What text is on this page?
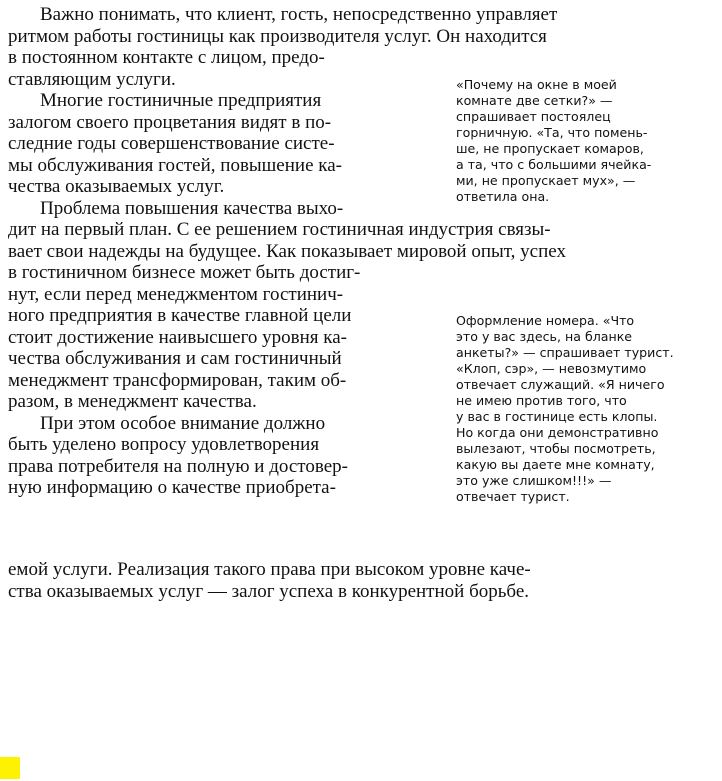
Важно понимать, что клиент, гость, непосредственно управляет
ритмом работы гостиницы как производителя услуг. Он находится
в постоянном контакте с лицом, предо-
ставляющим услуги.
Многие гостиничные предприятия
залогом своего процветания видят в по-
следние годы совершенствование систе-
мы обслуживания гостей, повышение ка-
чества оказываемых услуг.
Проблема повышения качества выхо-
дит на первый план. С ее решением гостиничная индустрия связы-
вает свои надежды на будущее. Как показывает мировой опыт, успех
в гостиничном бизнесе может быть достиг-
нут, если перед менеджментом гостинич-
ного предприятия в качестве главной цели
стоит достижение наивысшего уровня ка-
чества обслуживания и сам гостиничный
менеджмент трансформирован, таким об-
разом, в менеджмент качества.
При этом особое внимание должно
быть уделено вопросу удовлетворения
права потребителя на полную и достовер-
ную информацию о качестве приобрета-
емой услуги. Реализация такого права при высоком уровне каче-
ства оказываемых услуг — залог успеха в конкурентной борьбе.
«Почему на окне в моей
комнате две сетки?» —
спрашивает постоялец
горничную. «Та, что помень-
ше, не пропускает комаров,
а та, что с большими ячейка-
ми, не пропускает мух», —
ответила она.
Оформление номера. «Что
это у вас здесь, на бланке
анкеты?» — спрашивает турист.
«Клоп, сэр», — невозмутимо
отвечает служащий. «Я ничего
не имею против того, что
у вас в гостинице есть клопы.
Но когда они демонстративно
вылезают, чтобы посмотреть,
какую вы даете мне комнату,
это уже слишком!!!» —
отвечает турист.
